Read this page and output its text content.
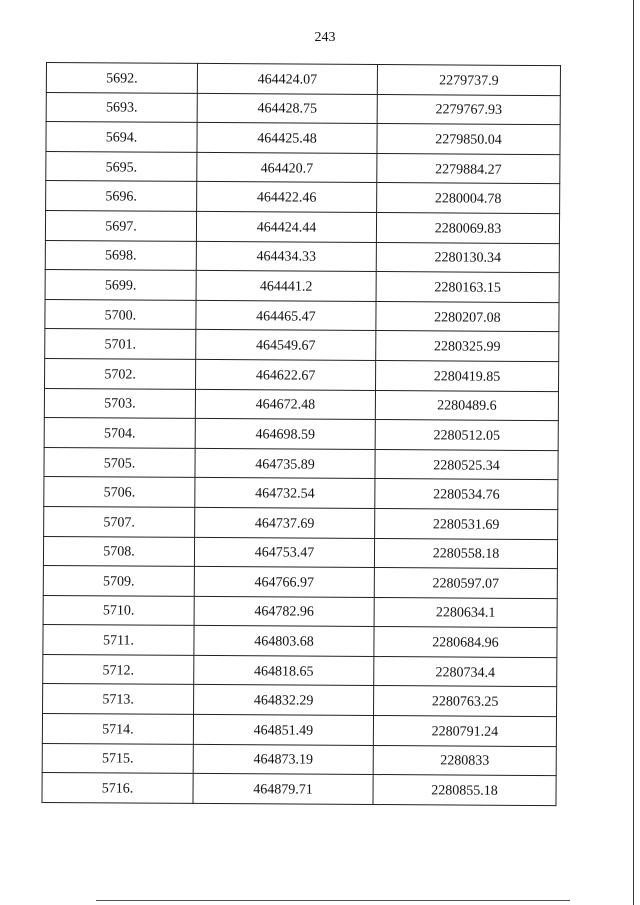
243
5692.	464424.07	2279737.9
5693.	464428.75	2279767.93
5694.	464425.48	2279850.04
5695.	464420.7	2279884.27
5696.	464422.46	2280004.78
5697.	464424.44	2280069.83
5698.	464434.33	2280130.34
5699.	464441.2	2280163.15
5700.	464465.47	2280207.08
5701.	464549.67	2280325.99
5702.	464622.67	2280419.85
5703.	464672.48	2280489.6
5704.	464698.59	2280512.05
5705.	464735.89	2280525.34
5706.	464732.54	2280534.76
5707.	464737.69	2280531.69
5708.	464753.47	2280558.18
5709.	464766.97	2280597.07
5710.	464782.96	2280634.1
5711.	464803.68	2280684.96
5712.	464818.65	2280734.4
5713.	464832.29	2280763.25
5714.	464851.49	2280791.24
5715.	464873.19	2280833
5716.	464879.71	2280855.18
